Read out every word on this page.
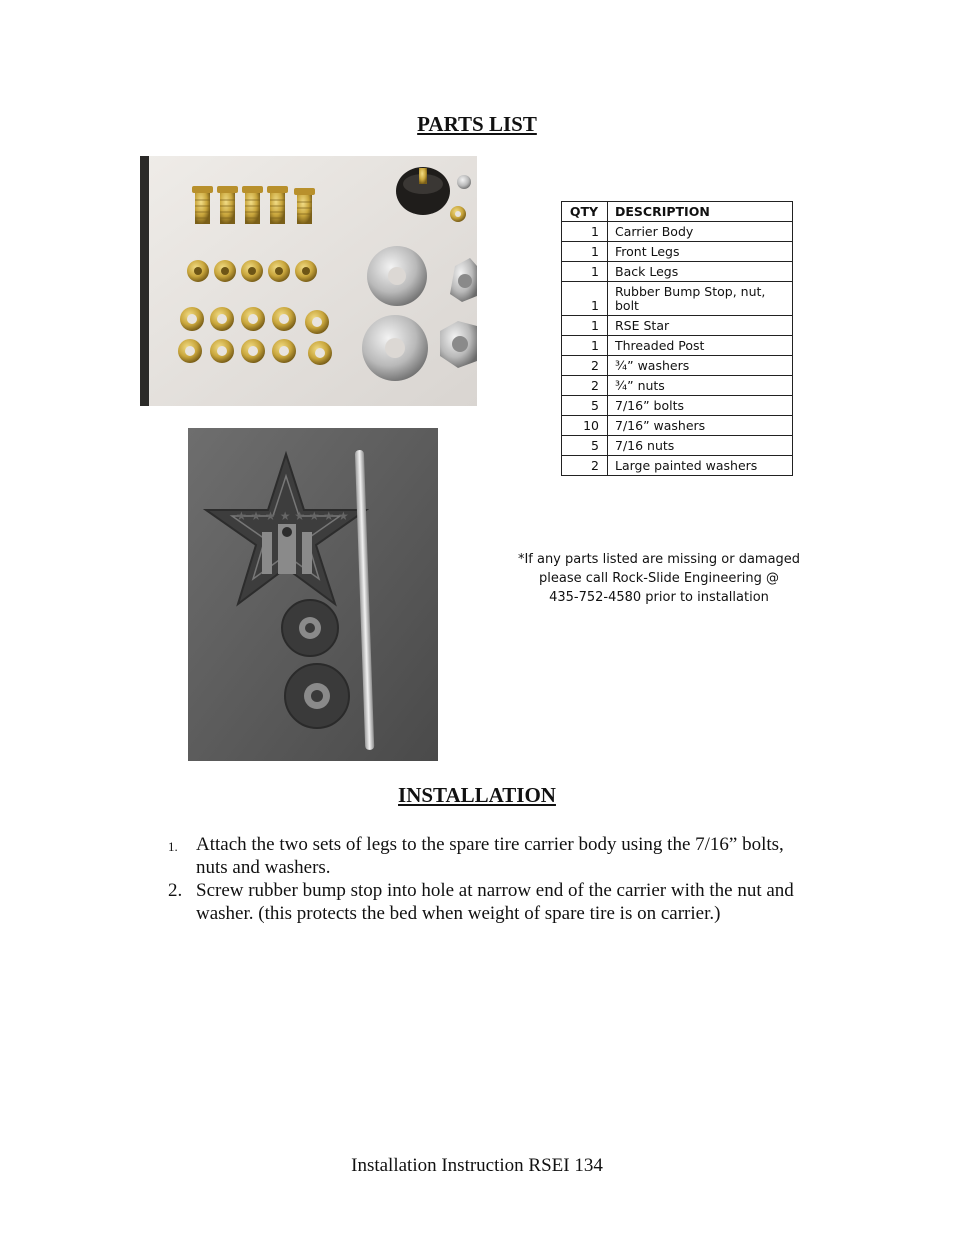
PARTS LIST
★ ★ ★ ★ ★ ★ ★ ★
QTY	DESCRIPTION
1	Carrier Body
1	Front Legs
1	Back Legs
1	Rubber Bump Stop, nut, bolt
1	RSE Star
1	Threaded Post
2	¾” washers
2	¾” nuts
5	7/16” bolts
10	7/16” washers
5	7/16 nuts
2	Large painted washers

*If any parts listed are missing or damaged
please call Rock-Slide Engineering @
435-752-4580 prior to installation

INSTALLATION
1. Attach the two sets of legs to the spare tire carrier body using the 7/16” bolts, nuts and washers.
2. Screw rubber bump stop into hole at narrow end of the carrier with the nut and washer. (this protects the bed when weight of spare tire is on carrier.)

Installation Instruction RSEI 134
